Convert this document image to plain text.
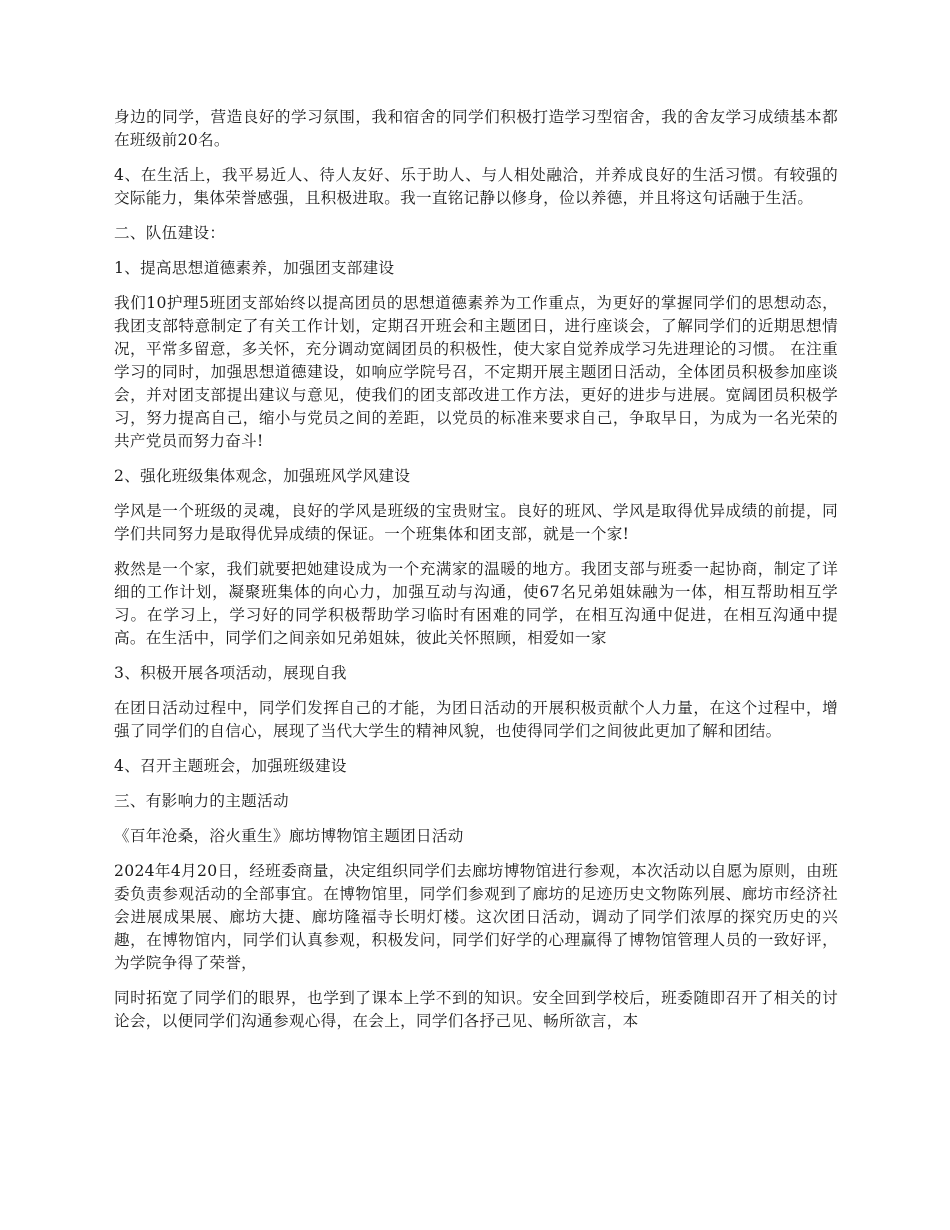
身边的同学，营造良好的学习氛围，我和宿舍的同学们积极打造学习型宿舍，我的舍友学习成绩基本都在班级前20名。

4、在生活上，我平易近人、待人友好、乐于助人、与人相处融洽，并养成良好的生活习惯。有较强的交际能力，集体荣誉感强，且积极进取。我一直铭记静以修身，俭以养德，并且将这句话融于生活。

二、队伍建设：

1、提高思想道德素养，加强团支部建设

我们10护理5班团支部始终以提高团员的思想道德素养为工作重点，为更好的掌握同学们的思想动态，我团支部特意制定了有关工作计划，定期召开班会和主题团日，进行座谈会，了解同学们的近期思想情况，平常多留意，多关怀，充分调动宽阔团员的积极性，使大家自觉养成学习先进理论的习惯。 在注重学习的同时，加强思想道德建设，如响应学院号召，不定期开展主题团日活动，全体团员积极参加座谈会，并对团支部提出建议与意见，使我们的团支部改进工作方法，更好的进步与进展。宽阔团员积极学习，努力提高自己，缩小与党员之间的差距，以党员的标准来要求自己，争取早日，为成为一名光荣的共产党员而努力奋斗!

2、强化班级集体观念，加强班风学风建设

学风是一个班级的灵魂，良好的学风是班级的宝贵财宝。良好的班风、学风是取得优异成绩的前提，同学们共同努力是取得优异成绩的保证。一个班集体和团支部，就是一个家!

救然是一个家，我们就要把她建设成为一个充满家的温暖的地方。我团支部与班委一起协商，制定了详细的工作计划，凝聚班集体的向心力，加强互动与沟通，使67名兄弟姐妹融为一体，相互帮助相互学习。在学习上，学习好的同学积极帮助学习临时有困难的同学，在相互沟通中促进，在相互沟通中提高。在生活中，同学们之间亲如兄弟姐妹，彼此关怀照顾，相爱如一家

3、积极开展各项活动，展现自我

在团日活动过程中，同学们发挥自己的才能，为团日活动的开展积极贡献个人力量，在这个过程中，增强了同学们的自信心，展现了当代大学生的精神风貌，也使得同学们之间彼此更加了解和团结。

4、召开主题班会，加强班级建设

三、有影响力的主题活动

《百年沧桑，浴火重生》廊坊博物馆主题团日活动

2024年4月20日，经班委商量，决定组织同学们去廊坊博物馆进行参观，本次活动以自愿为原则，由班委负责参观活动的全部事宜。在博物馆里，同学们参观到了廊坊的足迹历史文物陈列展、廊坊市经济社会进展成果展、廊坊大捷、廊坊隆福寺长明灯楼。这次团日活动，调动了同学们浓厚的探究历史的兴趣，在博物馆内，同学们认真参观，积极发问，同学们好学的心理赢得了博物馆管理人员的一致好评，为学院争得了荣誉，

同时拓宽了同学们的眼界，也学到了课本上学不到的知识。安全回到学校后，班委随即召开了相关的讨论会，以便同学们沟通参观心得，在会上，同学们各抒己见、畅所欲言，本
